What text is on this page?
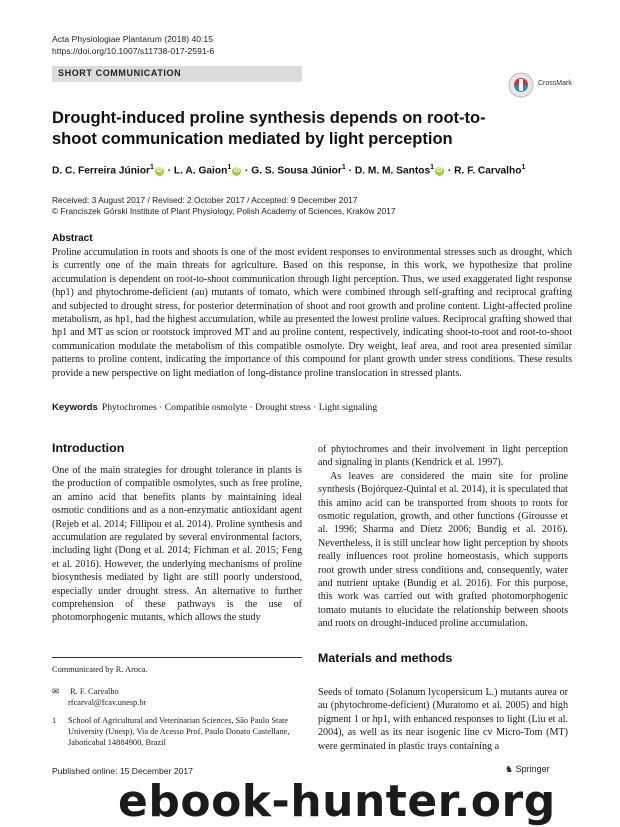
Acta Physiologiae Plantarum (2018) 40:15
https://doi.org/10.1007/s11738-017-2591-6
SHORT COMMUNICATION
CrossMark
Drought-induced proline synthesis depends on root-to-shoot communication mediated by light perception
D. C. Ferreira Júnior$^1$iD · L. A. Gaion$^1$iD · G. S. Sousa Júnior$^1$ · D. M. M. Santos$^1$iD · R. F. Carvalho$^1$
Received: 3 August 2017 / Revised: 2 October 2017 / Accepted: 9 December 2017
© Franciszek Górski Institute of Plant Physiology, Polish Academy of Sciences, Kraków 2017
Abstract
Proline accumulation in roots and shoots is one of the most evident responses to environmental stresses such as drought, which is currently one of the main threats for agriculture. Based on this response, in this work, we hypothesize that proline accumulation is dependent on root-to-shoot communication through light perception. Thus, we used exaggerated light response (hp1) and phytochrome-deficient (au) mutants of tomato, which were combined through self-grafting and reciprocal grafting and subjected to drought stress, for posterior determination of shoot and root growth and proline content. Light-affected proline metabolism, as hp1, had the highest accumulation, while au presented the lowest proline values. Reciprocal grafting showed that hp1 and MT as scion or rootstock improved MT and au proline content, respectively, indicating shoot-to-root and root-to-shoot communication modulate the metabolism of this compatible osmolyte. Dry weight, leaf area, and root area presented similar patterns to proline content, indicating the importance of this compound for plant growth under stress conditions. These results provide a new perspective on light mediation of long-distance proline translocation in stressed plants.
Keywords Phytochromes · Compatible osmolyte · Drought stress · Light signaling
Introduction
One of the main strategies for drought tolerance in plants is the production of compatible osmolytes, such as free proline, an amino acid that benefits plants by maintaining ideal osmotic conditions and as a non-enzymatic antioxidant agent (Rejeb et al. 2014; Fillipou et al. 2014). Proline synthesis and accumulation are regulated by several environmental factors, including light (Dong et al. 2014; Fichman et al. 2015; Feng et al. 2016). However, the underlying mechanisms of proline biosynthesis mediated by light are still poorly understood, especially under drought stress. An alternative to further comprehension of these pathways is the use of photomorphogenic mutants, which allows the study
of phytochromes and their involvement in light perception and signaling in plants (Kendrick et al. 1997).
As leaves are considered the main site for proline synthesis (Bojórquez-Quintal et al. 2014), it is speculated that this amino acid can be transported from shoots to roots for osmotic regulation, growth, and other functions (Girousse et al. 1996; Sharma and Dietz 2006; Bundig et al. 2016). Nevertheless, it is still unclear how light perception by shoots really influences root proline homeostasis, which supports root growth under stress conditions and, consequently, water and nutrient uptake (Bundig et al. 2016). For this purpose, this work was carried out with grafted photomorphogenic tomato mutants to elucidate the relationship between shoots and roots on drought-induced proline accumulation.
Materials and methods
Seeds of tomato (Solanum lycopersicum L.) mutants aurea or au (phytochrome-deficient) (Muratomo et al. 2005) and high pigment 1 or hp1, with enhanced responses to light (Liu et al. 2004), as well as its near isogenic line cv Micro-Tom (MT) were germinated in plastic trays containing a
Communicated by R. Aroca.
✉ R. F. Carvalho
rfcarval@fcav.unesp.br
1	School of Agricultural and Veterinarian Sciences, São Paulo State University (Unesp), Via de Acesso Prof. Paulo Donato Castellane, Jaboticabal 14884900, Brazil
Published online: 15 December 2017	♞ Springer
ebook-hunter.org
